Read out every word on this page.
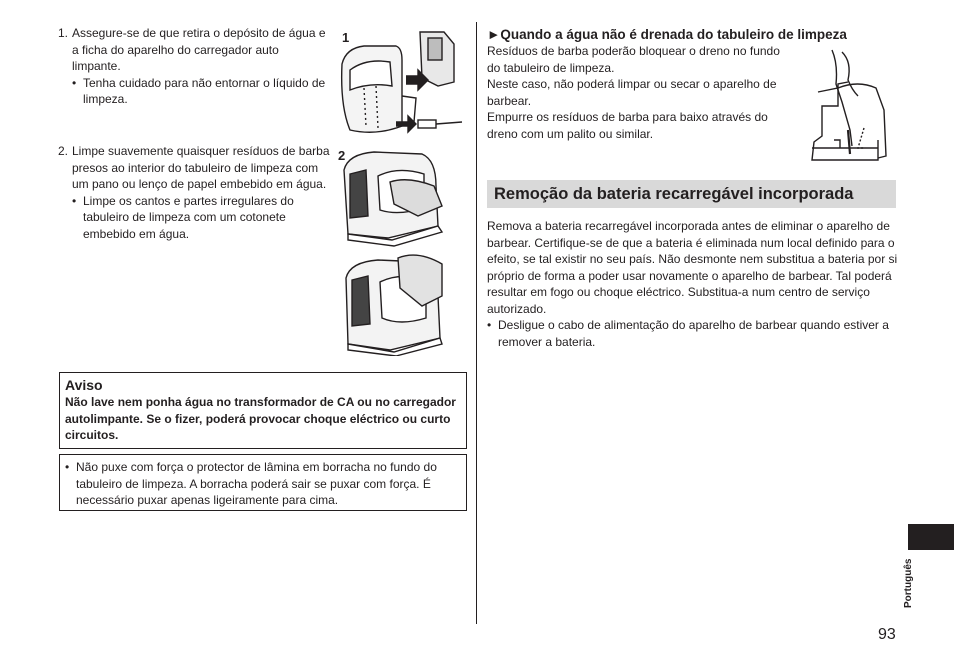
1. Assegure-se de que retira o depósito de água e a ficha do aparelho do carregador auto limpante.
• Tenha cuidado para não entornar o líquido de limpeza.
2. Limpe suavemente quaisquer resíduos de barba presos ao interior do tabuleiro de limpeza com um pano ou lenço de papel embebido em água.
• Limpe os cantos e partes irregulares do tabuleiro de limpeza com um cotonete embebido em água.
1
2
Aviso
Não lave nem ponha água no transformador de CA ou no carregador autolimpante. Se o fizer, poderá provocar choque eléctrico ou curto circuitos.
• Não puxe com força o protector de lâmina em borracha no fundo do tabuleiro de limpeza. A borracha poderá sair se puxar com força. É necessário puxar apenas ligeiramente para cima.
►Quando a água não é drenada do tabuleiro de limpeza
Resíduos de barba poderão bloquear o dreno no fundo do tabuleiro de limpeza.
Neste caso, não poderá limpar ou secar o aparelho de barbear.
Empurre os resíduos de barba para baixo através do dreno com um palito ou similar.
Remoção da bateria recarregável incorporada
Remova a bateria recarregável incorporada antes de eliminar o aparelho de barbear. Certifique-se de que a bateria é eliminada num local definido para o efeito, se tal existir no seu país. Não desmonte nem substitua a bateria por si próprio de forma a poder usar novamente o aparelho de barbear. Tal poderá resultar em fogo ou choque eléctrico. Substitua-a num centro de serviço autorizado.
• Desligue o cabo de alimentação do aparelho de barbear quando estiver a remover a bateria.
Português
93
